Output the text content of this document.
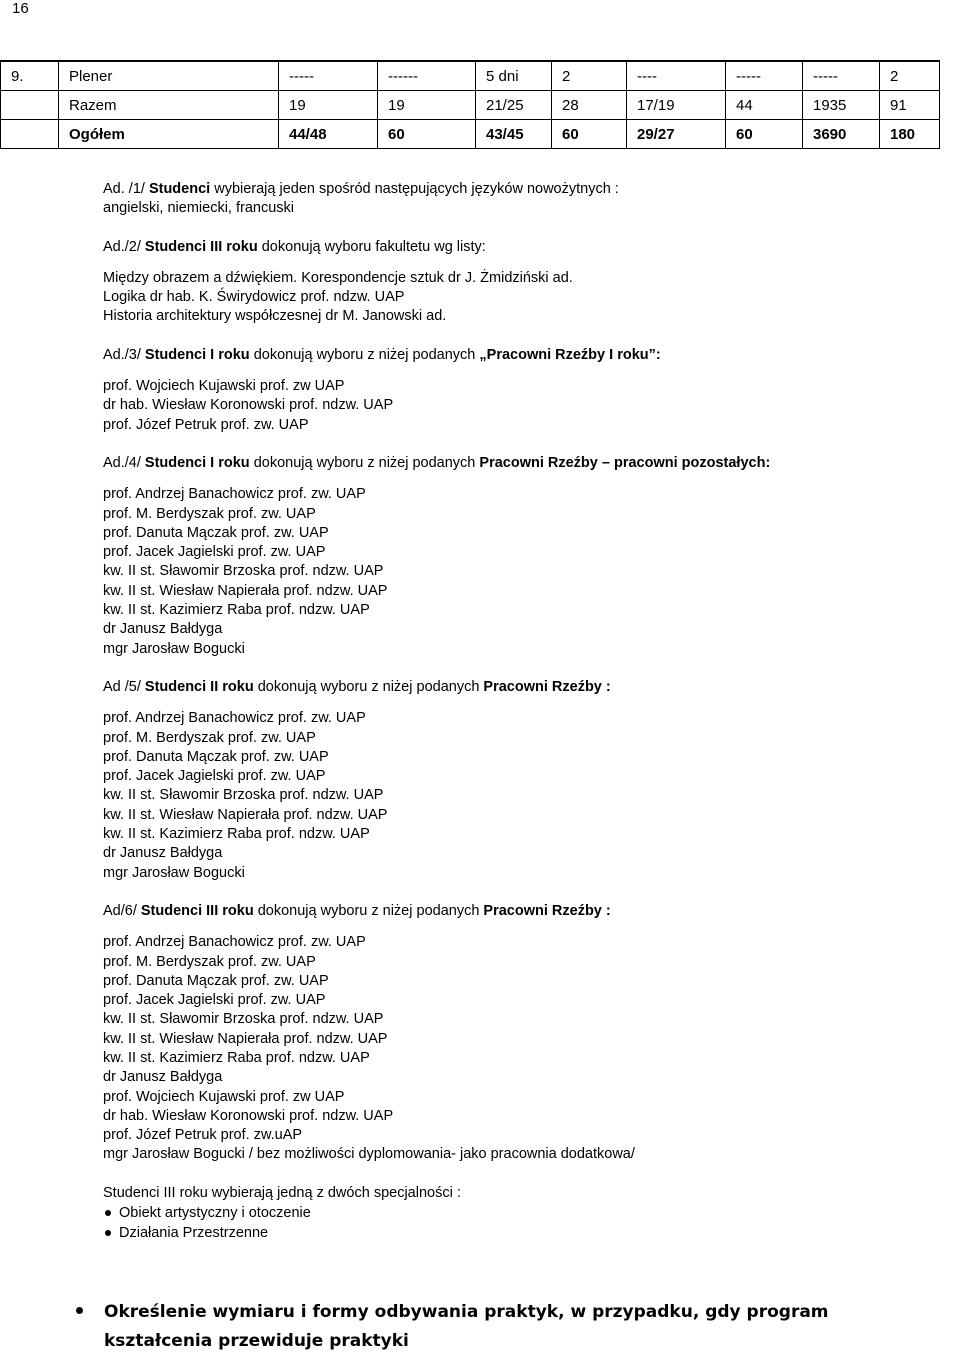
16
9.	Plener	-----	------	5 dni	2	----	-----	-----	2
	Razem	19	19	21/25	28	17/19	44	1935	91
	Ogółem	44/48	60	43/45	60	29/27	60	3690	180
Ad. /1/ Studenci wybierają jeden spośród następujących języków nowożytnych :
angielski, niemiecki, francuski
Ad./2/ Studenci III roku dokonują wyboru fakultetu wg listy:
Między obrazem a dźwiękiem. Korespondencje sztuk dr J. Żmidziński ad.
Logika dr hab. K. Świrydowicz prof. ndzw. UAP
Historia architektury współczesnej dr M. Janowski ad.
Ad./3/ Studenci I roku dokonują wyboru z niżej podanych „Pracowni Rzeźby I roku”:
prof. Wojciech Kujawski prof. zw UAP
dr hab. Wiesław Koronowski prof. ndzw. UAP
prof. Józef Petruk prof. zw. UAP
Ad./4/ Studenci I roku dokonują wyboru z niżej podanych Pracowni Rzeźby – pracowni pozostałych:
prof. Andrzej Banachowicz prof. zw. UAP
prof. M. Berdyszak prof. zw. UAP
prof. Danuta Mączak prof. zw. UAP
prof. Jacek Jagielski prof. zw. UAP
kw. II st. Sławomir Brzoska prof. ndzw. UAP
kw. II st. Wiesław Napierała prof. ndzw. UAP
kw. II st. Kazimierz Raba prof. ndzw. UAP
dr Janusz Bałdyga
mgr Jarosław Bogucki
Ad /5/ Studenci II roku dokonują wyboru z niżej podanych Pracowni Rzeźby :
prof. Andrzej Banachowicz prof. zw. UAP
prof. M. Berdyszak prof. zw. UAP
prof. Danuta Mączak prof. zw. UAP
prof. Jacek Jagielski prof. zw. UAP
kw. II st. Sławomir Brzoska prof. ndzw. UAP
kw. II st. Wiesław Napierała prof. ndzw. UAP
kw. II st. Kazimierz Raba prof. ndzw. UAP
dr Janusz Bałdyga
mgr Jarosław Bogucki
Ad/6/ Studenci III roku dokonują wyboru z niżej podanych Pracowni Rzeźby :
prof. Andrzej Banachowicz prof. zw. UAP
prof. M. Berdyszak prof. zw. UAP
prof. Danuta Mączak prof. zw. UAP
prof. Jacek Jagielski prof. zw. UAP
kw. II st. Sławomir Brzoska prof. ndzw. UAP
kw. II st. Wiesław Napierała prof. ndzw. UAP
kw. II st. Kazimierz Raba prof. ndzw. UAP
dr Janusz Bałdyga
prof. Wojciech Kujawski prof. zw UAP
dr hab. Wiesław Koronowski prof. ndzw. UAP
prof. Józef Petruk prof. zw.uAP
mgr Jarosław Bogucki / bez możliwości dyplomowania- jako pracownia dodatkowa/
Studenci III roku wybierają jedną z dwóch specjalności :
Obiekt artystyczny i otoczenie
Działania Przestrzenne
Określenie wymiaru i formy odbywania praktyk, w przypadku, gdy program kształcenia przewiduje praktyki
